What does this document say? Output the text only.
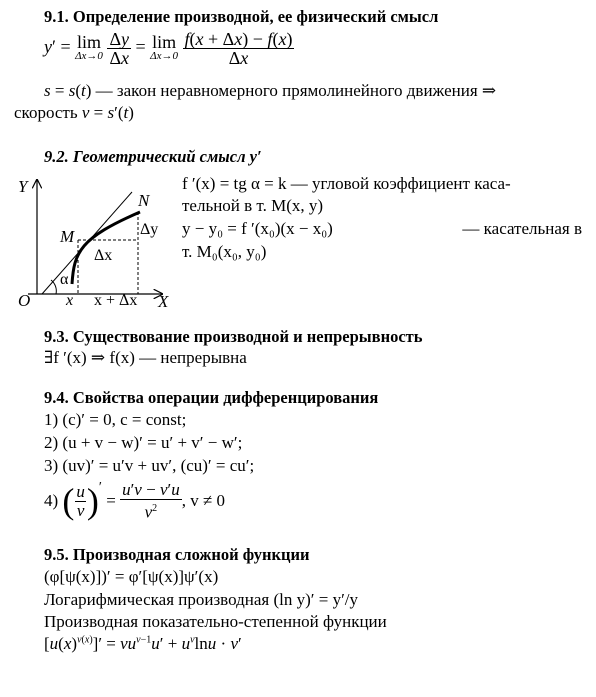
9.1. Определение производной, ее физический смысл
y′ = lim
Δx→0
$\frac{\Delta y}{\Delta x} = \lim$
Δx→0
$\frac{f(x + \Delta x) - f(x)}{\Delta x}$
s = s(t) — закон неравномерного прямолинейного движения ⇒
скорость v = s′(t)
9.2. Геометрический смысл y′
Y
X
O
M
N
α
Δx
Δy
x x + Δx
f ′(x) = tg α = k — угловой коэффициент каса-
тельной в т. M(x, y)
y − y₀ = f ′(x₀)(x − x₀)	— касательная в
т. M₀(x₀, y₀)
9.3. Существование производной и непрерывность
∃f ′(x) ⇒ f(x) — непрерывна
9.4. Свойства операции дифференцирования
1) (c)′ = 0, c = const;
2) (u + v − w)′ = u′ + v′ − w′;
3) (uv)′ = u′v + uv′, (cu)′ = cu′;
4)
( $\frac{u}{v} )'$
= $\frac{u'v - v'u}{v^2}$ , v ≠ 0
9.5. Производная сложной функции
(φ[ψ(x)])′ = φ′[ψ(x)]ψ′(x)
Логарифмическая производная (ln y)′ = y′/y
Производная показательно-степенной функции
$[u(x)^{v(x)}]' = vu^{v-1}u' + u^v\ln u \cdot v'$
